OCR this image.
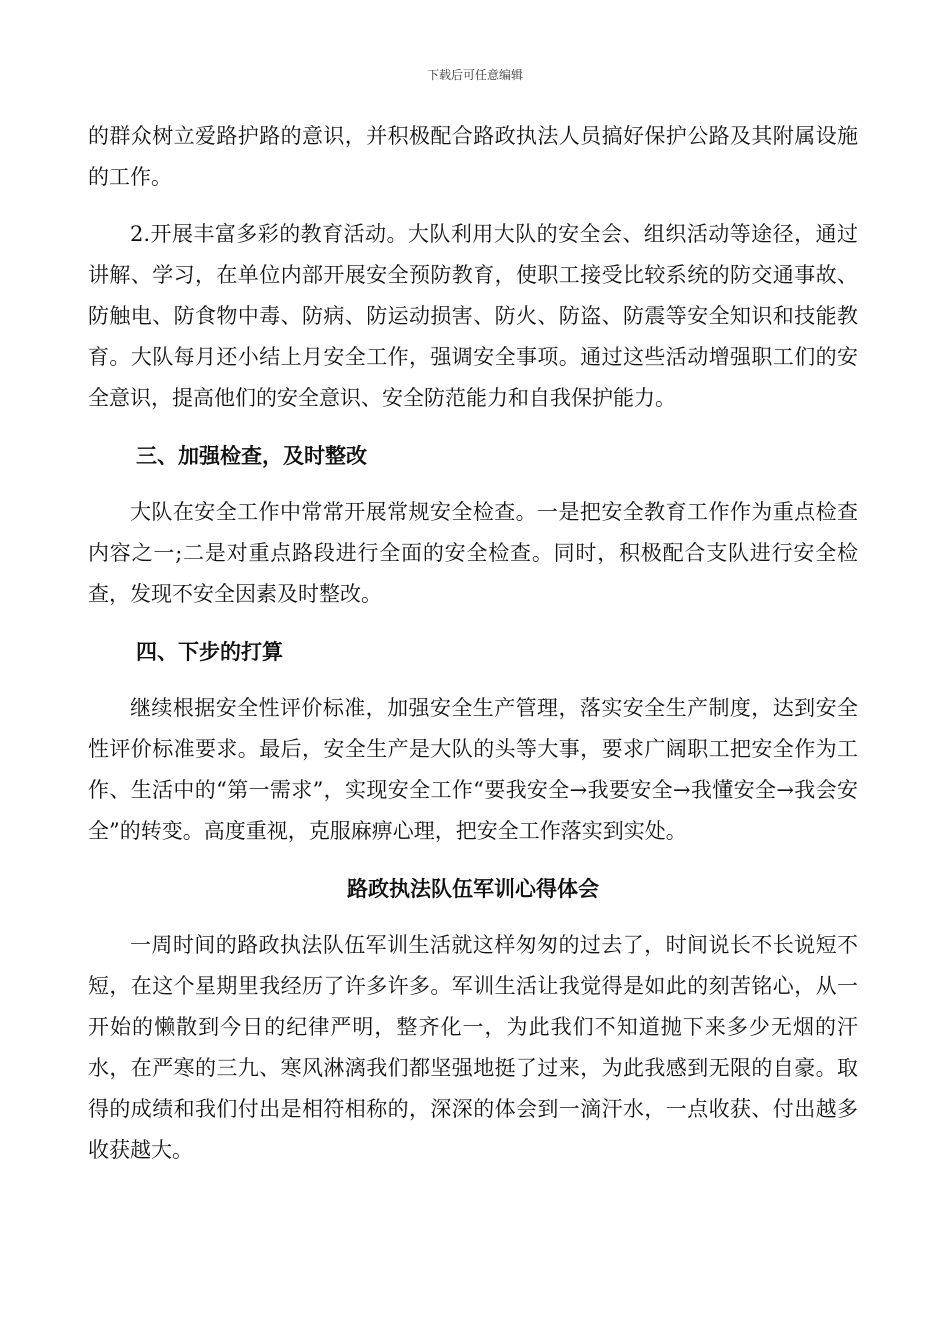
下载后可任意编辑

的群众树立爱路护路的意识，并积极配合路政执法人员搞好保护公路及其附属设施的工作。

2.开展丰富多彩的教育活动。大队利用大队的安全会、组织活动等途径，通过讲解、学习，在单位内部开展安全预防教育，使职工接受比较系统的防交通事故、防触电、防食物中毒、防病、防运动损害、防火、防盗、防震等安全知识和技能教育。大队每月还小结上月安全工作，强调安全事项。通过这些活动增强职工们的安全意识，提高他们的安全意识、安全防范能力和自我保护能力。

三、加强检查，及时整改

大队在安全工作中常常开展常规安全检查。一是把安全教育工作作为重点检查内容之一;二是对重点路段进行全面的安全检查。同时，积极配合支队进行安全检查，发现不安全因素及时整改。

四、下步的打算

继续根据安全性评价标准，加强安全生产管理，落实安全生产制度，达到安全性评价标准要求。最后，安全生产是大队的头等大事，要求广阔职工把安全作为工作、生活中的“第一需求”，实现安全工作“要我安全→我要安全→我懂安全→我会安全”的转变。高度重视，克服麻痹心理，把安全工作落实到实处。

路政执法队伍军训心得体会

一周时间的路政执法队伍军训生活就这样匆匆的过去了，时间说长不长说短不短，在这个星期里我经历了许多许多。军训生活让我觉得是如此的刻苦铭心，从一开始的懒散到今日的纪律严明，整齐化一，为此我们不知道抛下来多少无烟的汗水，在严寒的三九、寒风淋漓我们都坚强地挺了过来，为此我感到无限的自豪。取得的成绩和我们付出是相符相称的，深深的体会到一滴汗水，一点收获、付出越多收获越大。
